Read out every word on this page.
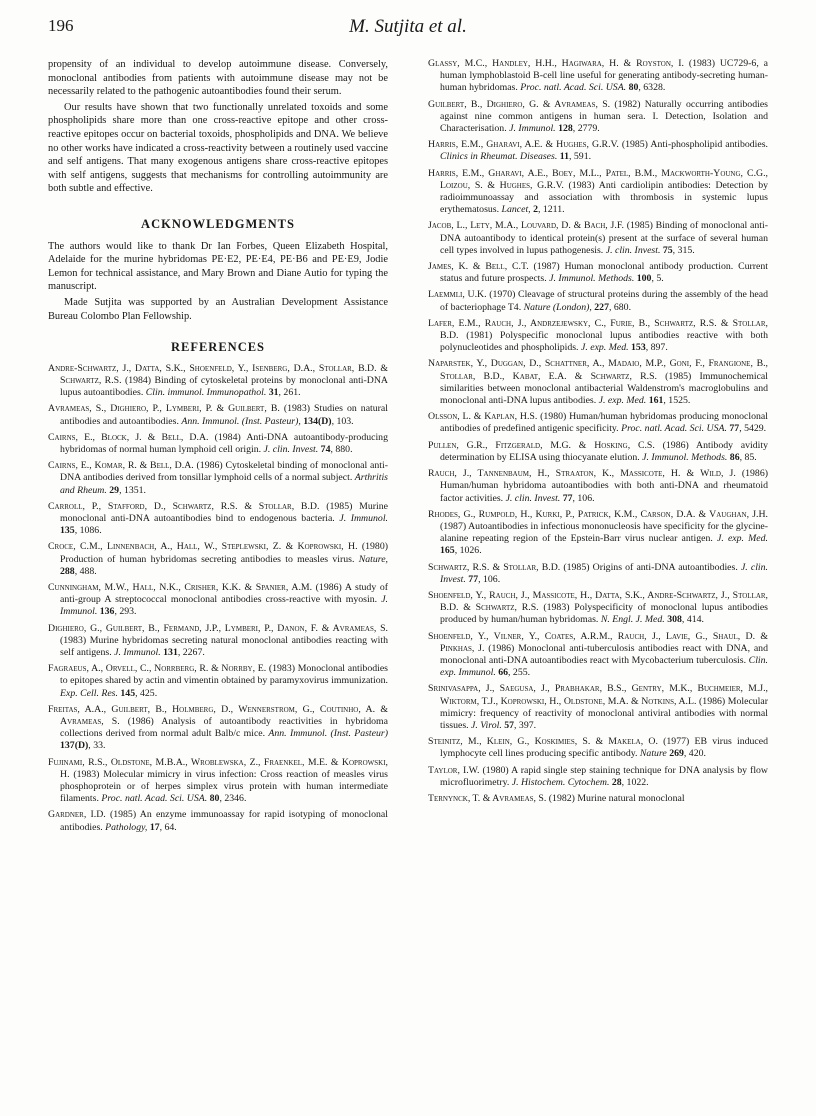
196	M. Sutjita et al.

propensity of an individual to develop autoimmune disease. Conversely, monoclonal antibodies from patients with autoimmune disease may not be necessarily related to the pathogenic autoantibodies found their serum.

Our results have shown that two functionally unrelated toxoids and some phospholipids share more than one cross-reactive epitope and other cross-reactive epitopes occur on bacterial toxoids, phospholipids and DNA. We believe no other works have indicated a cross-reactivity between a routinely used vaccine and self antigens. That many exogenous antigens share cross-reactive epitopes with self antigens, suggests that mechanisms for controlling autoimmunity are both subtle and effective.

ACKNOWLEDGMENTS

The authors would like to thank Dr Ian Forbes, Queen Elizabeth Hospital, Adelaide for the murine hybridomas PE·E2, PE·E4, PE·B6 and PE·E9, Jodie Lemon for technical assistance, and Mary Brown and Diane Autio for typing the manuscript.

Made Sutjita was supported by an Australian Development Assistance Bureau Colombo Plan Fellowship.

REFERENCES

Andre-Schwartz, J., Datta, S.K., Shoenfeld, Y., Isenberg, D.A., Stollar, B.D. & Schwartz, R.S. (1984) Binding of cytoskeletal proteins by monoclonal anti-DNA lupus autoantibodies. Clin. immunol. Immunopathol. 31, 261.

Avrameas, S., Dighiero, P., Lymberi, P. & Guilbert, B. (1983) Studies on natural antibodies and autoantibodies. Ann. Immunol. (Inst. Pasteur), 134(D), 103.

Cairns, E., Block, J. & Bell, D.A. (1984) Anti-DNA autoantibody-producing hybridomas of normal human lymphoid cell origin. J. clin. Invest. 74, 880.

Cairns, E., Komar, R. & Bell, D.A. (1986) Cytoskeletal binding of monoclonal anti-DNA antibodies derived from tonsillar lymphoid cells of a normal subject. Arthritis and Rheum. 29, 1351.

Carroll, P., Stafford, D., Schwartz, R.S. & Stollar, B.D. (1985) Murine monoclonal anti-DNA autoantibodies bind to endogenous bacteria. J. Immunol. 135, 1086.

Croce, C.M., Linnenbach, A., Hall, W., Steplewski, Z. & Koprowski, H. (1980) Production of human hybridomas secreting antibodies to measles virus. Nature, 288, 488.

Cunningham, M.W., Hall, N.K., Crisher, K.K. & Spanier, A.M. (1986) A study of anti-group A streptococcal monoclonal antibodies cross-reactive with myosin. J. Immunol. 136, 293.

Dighiero, G., Guilbert, B., Fermand, J.P., Lymberi, P., Danon, F. & Avrameas, S. (1983) Murine hybridomas secreting natural monoclonal antibodies reacting with self antigens. J. Immunol. 131, 2267.

Fagraeus, A., Orvell, C., Norrberg, R. & Norrby, E. (1983) Monoclonal antibodies to epitopes shared by actin and vimentin obtained by paramyxovirus immunization. Exp. Cell. Res. 145, 425.

Freitas, A.A., Guilbert, B., Holmberg, D., Wennerstrom, G., Coutinho, A. & Avrameas, S. (1986) Analysis of autoantibody reactivities in hybridoma collections derived from normal adult Balb/c mice. Ann. Immunol. (Inst. Pasteur) 137(D), 33.

Fujinami, R.S., Oldstone, M.B.A., Wroblewska, Z., Fraenkel, M.E. & Koprowski, H. (1983) Molecular mimicry in virus infection: Cross reaction of measles virus phosphoprotein or of herpes simplex virus protein with human intermediate filaments. Proc. natl. Acad. Sci. USA. 80, 2346.

Gardner, I.D. (1985) An enzyme immunoassay for rapid isotyping of monoclonal antibodies. Pathology, 17, 64.

Glassy, M.C., Handley, H.H., Hagiwara, H. & Royston, I. (1983) UC729-6, a human lymphoblastoid B-cell line useful for generating antibody-secreting human-human hybridomas. Proc. natl. Acad. Sci. USA. 80, 6328.

Guilbert, B., Dighiero, G. & Avrameas, S. (1982) Naturally occurring antibodies against nine common antigens in human sera. I. Detection, Isolation and Characterisation. J. Immunol. 128, 2779.

Harris, E.M., Gharavi, A.E. & Hughes, G.R.V. (1985) Anti-phospholipid antibodies. Clinics in Rheumat. Diseases. 11, 591.

Harris, E.M., Gharavi, A.E., Boey, M.L., Patel, B.M., Mackworth-Young, C.G., Loizou, S. & Hughes, G.R.V. (1983) Anti cardiolipin antibodies: Detection by radioimmunoassay and association with thrombosis in systemic lupus erythematosus. Lancet, 2, 1211.

Jacob, L., Lety, M.A., Louvard, D. & Bach, J.F. (1985) Binding of monoclonal anti-DNA autoantibody to identical protein(s) present at the surface of several human cell types involved in lupus pathogenesis. J. clin. Invest. 75, 315.

James, K. & Bell, C.T. (1987) Human monoclonal antibody production. Current status and future prospects. J. Immunol. Methods. 100, 5.

Laemmli, U.K. (1970) Cleavage of structural proteins during the assembly of the head of bacteriophage T4. Nature (London), 227, 680.

Lafer, E.M., Rauch, J., Andrzejewsky, C., Furie, B., Schwartz, R.S. & Stollar, B.D. (1981) Polyspecific monoclonal lupus antibodies reactive with both polynucleotides and phospholipids. J. exp. Med. 153, 897.

Naparstek, Y., Duggan, D., Schattner, A., Madaio, M.P., Goni, F., Frangione, B., Stollar, B.D., Kabat, E.A. & Schwartz, R.S. (1985) Immunochemical similarities between monoclonal antibacterial Waldenstrom's macroglobulins and monoclonal anti-DNA lupus antibodies. J. exp. Med. 161, 1525.

Olsson, L. & Kaplan, H.S. (1980) Human/human hybridomas producing monoclonal antibodies of predefined antigenic specificity. Proc. natl. Acad. Sci. USA. 77, 5429.

Pullen, G.R., Fitzgerald, M.G. & Hosking, C.S. (1986) Antibody avidity determination by ELISA using thiocyanate elution. J. Immunol. Methods. 86, 85.

Rauch, J., Tannenbaum, H., Straaton, K., Massicote, H. & Wild, J. (1986) Human/human hybridoma autoantibodies with both anti-DNA and rheumatoid factor activities. J. clin. Invest. 77, 106.

Rhodes, G., Rumpold, H., Kurki, P., Patrick, K.M., Carson, D.A. & Vaughan, J.H. (1987) Autoantibodies in infectious mononucleosis have specificity for the glycine-alanine repeating region of the Epstein-Barr virus nuclear antigen. J. exp. Med. 165, 1026.

Schwartz, R.S. & Stollar, B.D. (1985) Origins of anti-DNA autoantibodies. J. clin. Invest. 77, 106.

Shoenfeld, Y., Rauch, J., Massicote, H., Datta, S.K., Andre-Schwartz, J., Stollar, B.D. & Schwartz, R.S. (1983) Polyspecificity of monoclonal lupus antibodies produced by human/human hybridomas. N. Engl. J. Med. 308, 414.

Shoenfeld, Y., Vilner, Y., Coates, A.R.M., Rauch, J., Lavie, G., Shaul, D. & Pinkhas, J. (1986) Monoclonal anti-tuberculosis antibodies react with DNA, and monoclonal anti-DNA autoantibodies react with Mycobacterium tuberculosis. Clin. exp. Immunol. 66, 255.

Srinivasappa, J., Saegusa, J., Prabhakar, B.S., Gentry, M.K., Buchmeier, M.J., Wiktorm, T.J., Koprowski, H., Oldstone, M.A. & Notkins, A.L. (1986) Molecular mimicry: frequency of reactivity of monoclonal antiviral antibodies with normal tissues. J. Virol. 57, 397.

Steinitz, M., Klein, G., Koskimies, S. & Makela, O. (1977) EB virus induced lymphocyte cell lines producing specific antibody. Nature 269, 420.

Taylor, I.W. (1980) A rapid single step staining technique for DNA analysis by flow microfluorimetry. J. Histochem. Cytochem. 28, 1022.

Ternynck, T. & Avrameas, S. (1982) Murine natural monoclonal
